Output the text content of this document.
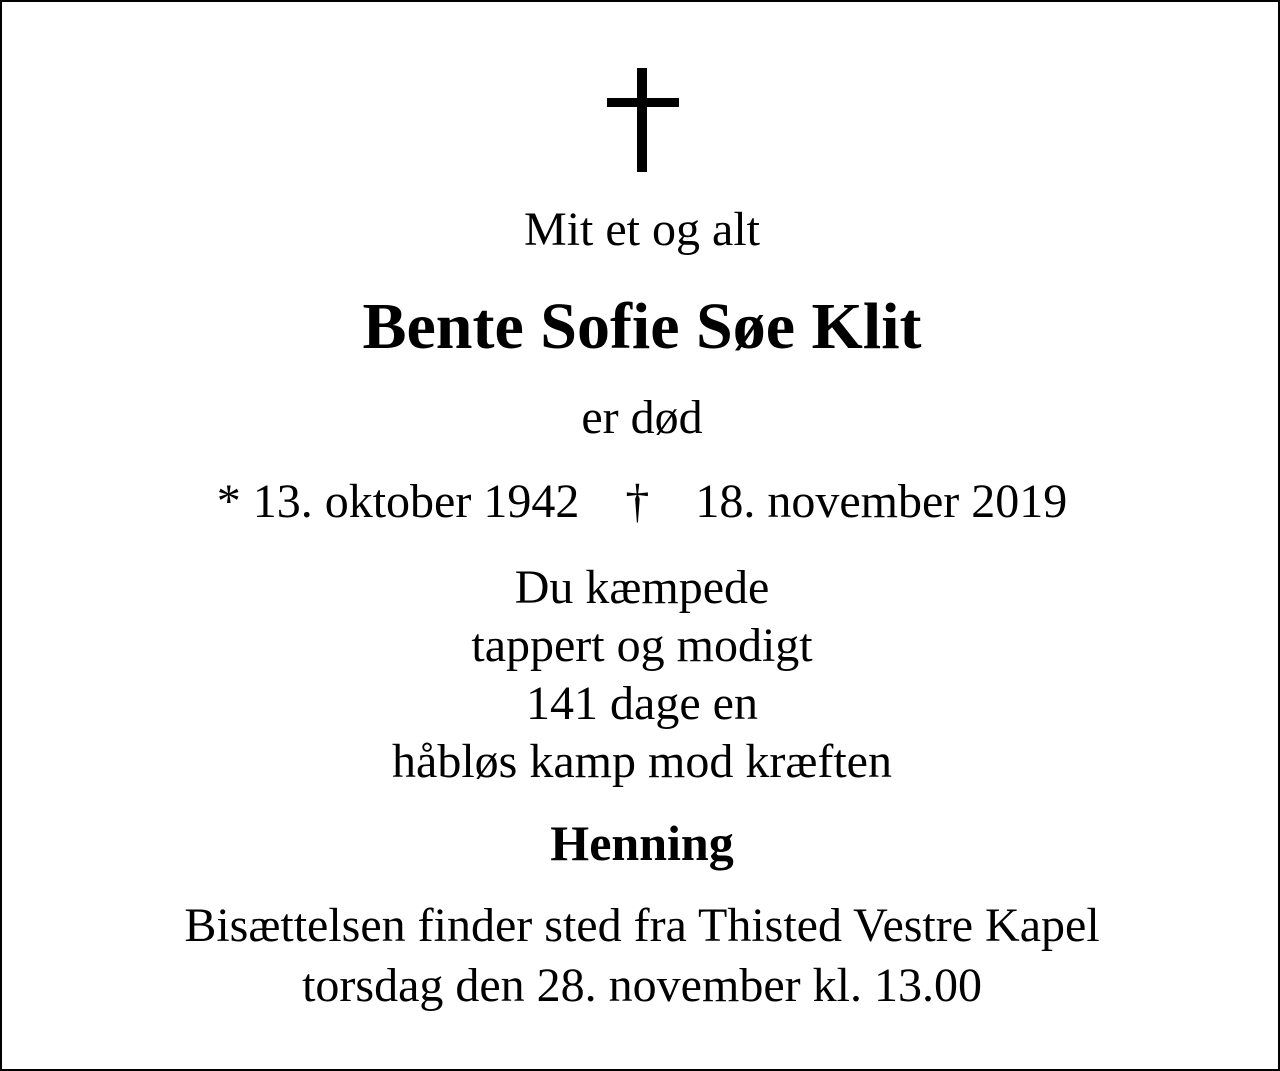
Mit et og alt
Bente Sofie Søe Klit
er død
* 13. oktober 1942 † 18. november 2019
Du kæmpede
tappert og modigt
141 dage en
håbløs kamp mod kræften
Henning
Bisættelsen finder sted fra Thisted Vestre Kapel
torsdag den 28. november kl. 13.00
